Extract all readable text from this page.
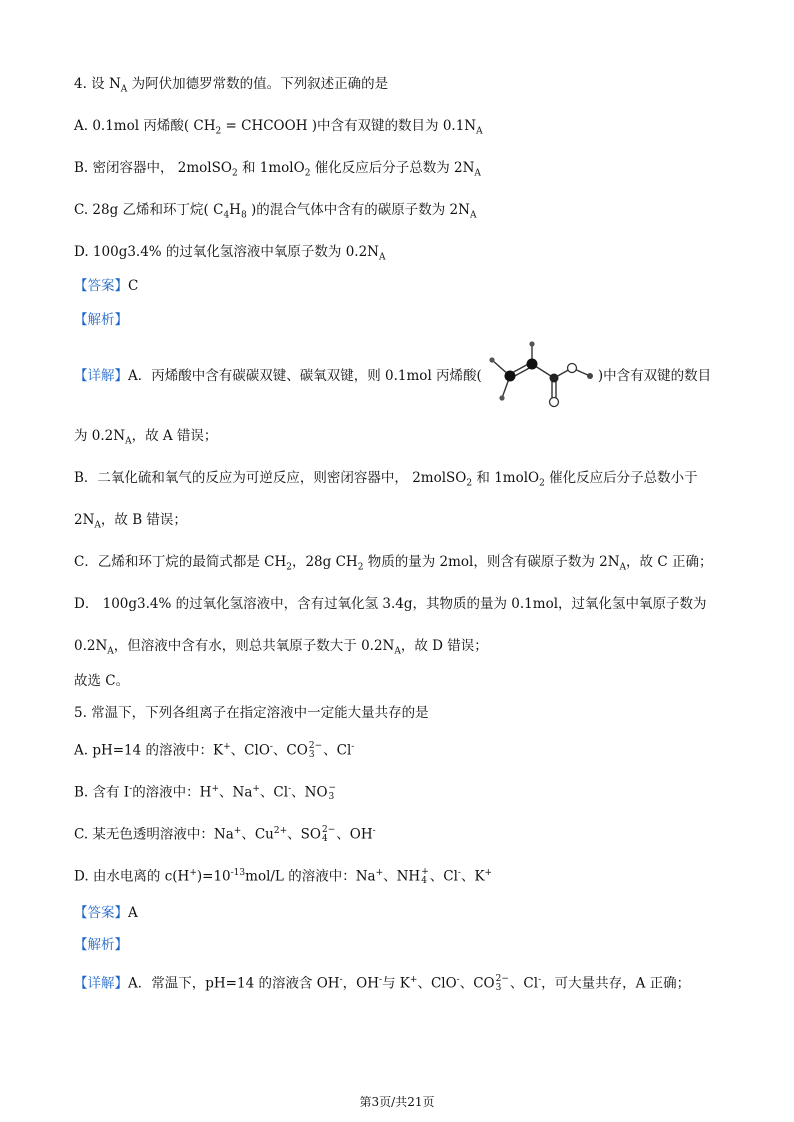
4. 设 $N_A$ 为阿伏加德罗常数的值。下列叙述正确的是
A. 0.1mol 丙烯酸( $CH_2$ = CHCOOH )中含有双键的数目为 $0.1N_A$
B. 密闭容器中， 2molSO$_2$ 和 1molO$_2$ 催化反应后分子总数为 $2N_A$
C. 28g 乙烯和环丁烷( $C_4H_8$ )的混合气体中含有的碳原子数为 $2N_A$
D. 100g3.4% 的过氧化氢溶液中氧原子数为 $0.2N_A$
【答案】C
【解析】
【详解】A．丙烯酸中含有碳碳双键、碳氧双键，则 0.1mol 丙烯酸(	)中含有双键的数目
为 $0.2N_A$，故 A 错误；
B．二氧化硫和氧气的反应为可逆反应，则密闭容器中， 2molSO$_2$ 和 1molO$_2$ 催化反应后分子总数小于
$2N_A$，故 B 错误；
C．乙烯和环丁烷的最简式都是 $CH_2$，28g $CH_2$ 物质的量为 2mol，则含有碳原子数为 $2N_A$，故 C 正确；
D． 100g3.4% 的过氧化氢溶液中，含有过氧化氢 3.4g，其物质的量为 0.1mol，过氧化氢中氧原子数为
$0.2N_A$，但溶液中含有水，则总共氧原子数大于 $0.2N_A$，故 D 错误；
故选 C。
5. 常温下，下列各组离子在指定溶液中一定能大量共存的是
A. pH=14 的溶液中：K+、ClO-、CO 2−
3 、Cl-
B. 含有 I-的溶液中：H+、Na+、Cl-、NO −
3
C. 某无色透明溶液中：Na+、$Cu^{2+}$、SO 2−
4 、OH-
D. 由水电离的 $c(H^+)=10^{-13}mol/L$ 的溶液中：Na+、NH +
4 、Cl-、K+
【答案】A
【解析】
【详解】A．常温下，pH=14 的溶液含 OH-，OH-与 K+、ClO-、CO 2−
3 、Cl-，可大量共存，A 正确；
第3页/共21页
